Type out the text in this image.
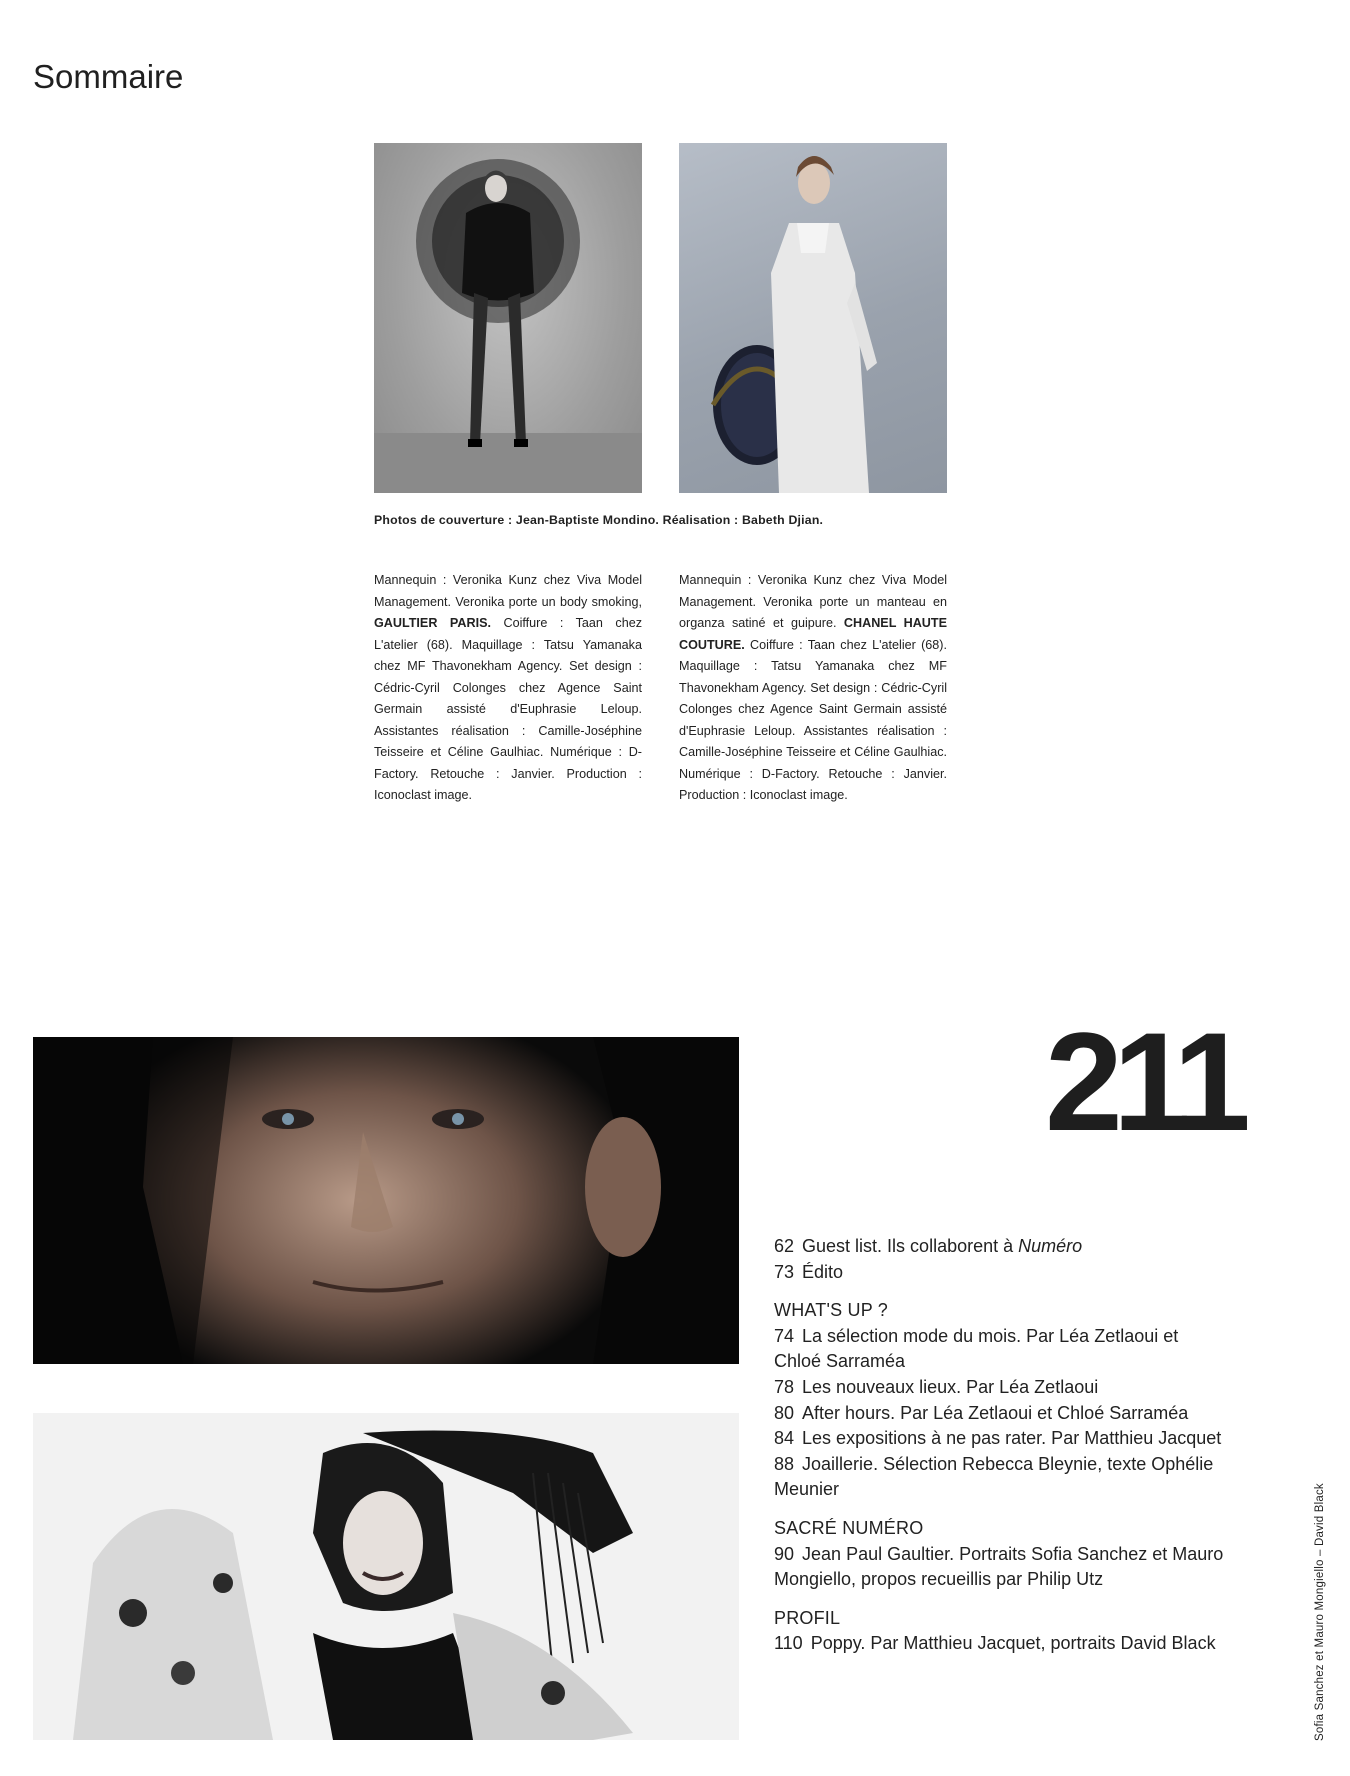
Sommaire
Photos de couverture : Jean-Baptiste Mondino. Réalisation : Babeth Djian.
Mannequin : Veronika Kunz chez Viva Model Management. Veronika porte un body smoking, GAULTIER PARIS. Coiffure : Taan chez L'atelier (68). Maquillage : Tatsu Yamanaka chez MF Thavonekham Agency. Set design : Cédric-Cyril Colonges chez Agence Saint Germain assisté d'Euphrasie Leloup. Assistantes réalisation : Camille-Joséphine Teisseire et Céline Gaulhiac. Numérique : D-Factory. Retouche : Janvier. Production : Iconoclast image.
Mannequin : Veronika Kunz chez Viva Model Management. Veronika porte un manteau en organza satiné et guipure. CHANEL HAUTE COUTURE. Coiffure : Taan chez L'atelier (68). Maquillage : Tatsu Yamanaka chez MF Thavonekham Agency. Set design : Cédric-Cyril Colonges chez Agence Saint Germain assisté d'Euphrasie Leloup. Assistantes réalisation : Camille-Joséphine Teisseire et Céline Gaulhiac. Numérique : D-Factory. Retouche : Janvier. Production : Iconoclast image.
211

62 Guest list. Ils collaborent à Numéro

73 Édito

WHAT'S UP ?

74 La sélection mode du mois. Par Léa Zetlaoui et Chloé Sarraméa

78 Les nouveaux lieux. Par Léa Zetlaoui

80 After hours. Par Léa Zetlaoui et Chloé Sarraméa

84 Les expositions à ne pas rater. Par Matthieu Jacquet

88 Joaillerie. Sélection Rebecca Bleynie, texte Ophélie Meunier

SACRÉ NUMÉRO

90 Jean Paul Gaultier. Portraits Sofia Sanchez et Mauro Mongiello, propos recueillis par Philip Utz

PROFIL

110 Poppy. Par Matthieu Jacquet, portraits David Black	Sofia Sanchez et Mauro Mongiello – David Black
